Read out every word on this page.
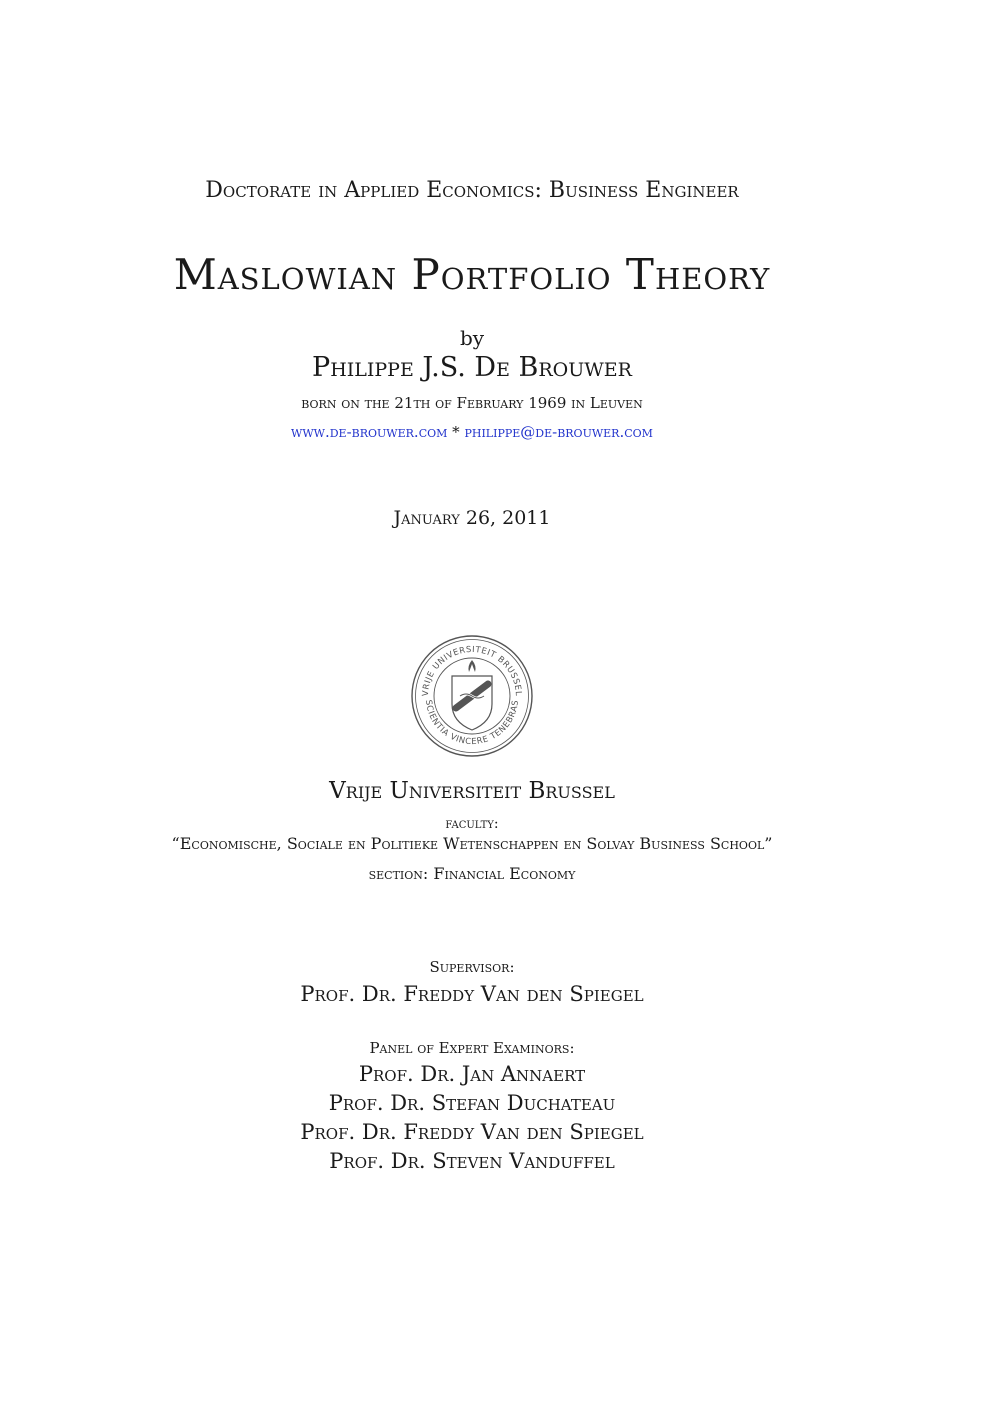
Doctorate in Applied Economics: Business Engineer
Maslowian Portfolio Theory
by
Philippe J.S. De Brouwer
born on the 21th of February 1969 in Leuven
www.de-brouwer.com * philippe@de-brouwer.com
January 26, 2011
VRIJE UNIVERSITEIT BRUSSEL
SCIENTIA VINCERE TENEBRAS
Vrije Universiteit Brussel
faculty:
“Economische, Sociale en Politieke Wetenschappen en Solvay Business School”
section: Financial Economy
Supervisor:
Prof. Dr. Freddy Van den Spiegel
Panel of Expert Examinors:
Prof. Dr. Jan Annaert
Prof. Dr. Stefan Duchateau
Prof. Dr. Freddy Van den Spiegel
Prof. Dr. Steven Vanduffel
